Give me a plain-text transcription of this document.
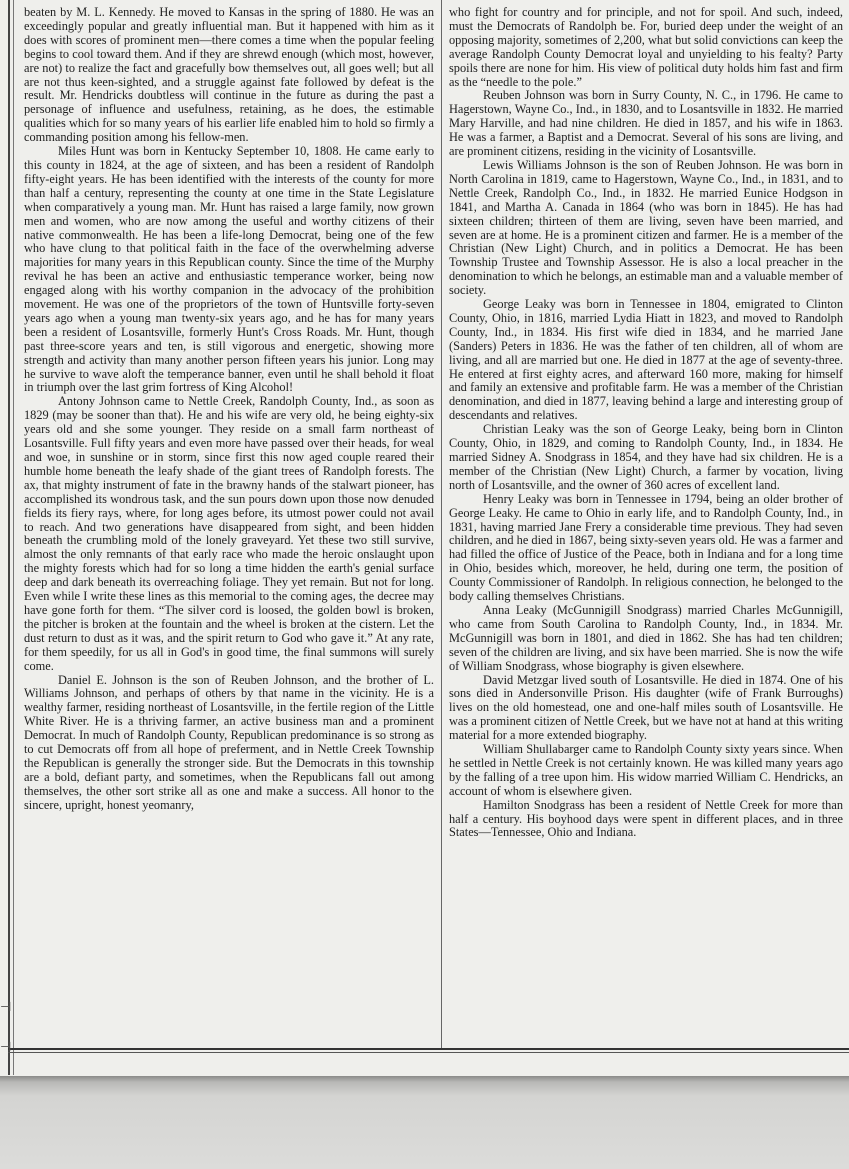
⊣
⊣

beaten by M. L. Kennedy. He moved to Kansas in the spring of 1880. He was an exceedingly popular and greatly influential man. But it happened with him as it does with scores of prominent men—there comes a time when the popular feeling begins to cool toward them. And if they are shrewd enough (which most, however, are not) to realize the fact and gracefully bow themselves out, all goes well; but all are not thus keen-sighted, and a struggle against fate followed by defeat is the result. Mr. Hendricks doubtless will continue in the future as during the past a personage of influence and usefulness, retaining, as he does, the estimable qualities which for so many years of his earlier life enabled him to hold so firmly a commanding position among his fellow-men.

Miles Hunt was born in Kentucky September 10, 1808. He came early to this county in 1824, at the age of sixteen, and has been a resident of Randolph fifty-eight years. He has been identified with the interests of the county for more than half a century, representing the county at one time in the State Legislature when comparatively a young man. Mr. Hunt has raised a large family, now grown men and women, who are now among the useful and worthy citizens of their native commonwealth. He has been a life-long Democrat, being one of the few who have clung to that political faith in the face of the overwhelming adverse majorities for many years in this Republican county. Since the time of the Murphy revival he has been an active and enthusiastic temperance worker, being now engaged along with his worthy companion in the advocacy of the prohibition movement. He was one of the proprietors of the town of Huntsville forty-seven years ago when a young man twenty-six years ago, and he has for many years been a resident of Losantsville, formerly Hunt's Cross Roads. Mr. Hunt, though past three-score years and ten, is still vigorous and energetic, showing more strength and activity than many another person fifteen years his junior. Long may he survive to wave aloft the temperance banner, even until he shall behold it float in triumph over the last grim fortress of King Alcohol!

Antony Johnson came to Nettle Creek, Randolph County, Ind., as soon as 1829 (may be sooner than that). He and his wife are very old, he being eighty-six years old and she some younger. They reside on a small farm northeast of Losantsville. Full fifty years and even more have passed over their heads, for weal and woe, in sunshine or in storm, since first this now aged couple reared their humble home beneath the leafy shade of the giant trees of Randolph forests. The ax, that mighty instrument of fate in the brawny hands of the stalwart pioneer, has accomplished its wondrous task, and the sun pours down upon those now denuded fields its fiery rays, where, for long ages before, its utmost power could not avail to reach. And two generations have disappeared from sight, and been hidden beneath the crumbling mold of the lonely graveyard. Yet these two still survive, almost the only remnants of that early race who made the heroic onslaught upon the mighty forests which had for so long a time hidden the earth's genial surface deep and dark beneath its overreaching foliage. They yet remain. But not for long. Even while I write these lines as this memorial to the coming ages, the decree may have gone forth for them. “The silver cord is loosed, the golden bowl is broken, the pitcher is broken at the fountain and the wheel is broken at the cistern. Let the dust return to dust as it was, and the spirit return to God who gave it.” At any rate, for them speedily, for us all in God's in good time, the final summons will surely come.

Daniel E. Johnson is the son of Reuben Johnson, and the brother of L. Williams Johnson, and perhaps of others by that name in the vicinity. He is a wealthy farmer, residing northeast of Losantsville, in the fertile region of the Little White River. He is a thriving farmer, an active business man and a prominent Democrat. In much of Randolph County, Republican predominance is so strong as to cut Democrats off from all hope of preferment, and in Nettle Creek Township the Republican is generally the stronger side. But the Democrats in this township are a bold, defiant party, and sometimes, when the Republicans fall out among themselves, the other sort strike all as one and make a success. All honor to the sincere, upright, honest yeomanry,

who fight for country and for principle, and not for spoil. And such, indeed, must the Democrats of Randolph be. For, buried deep under the weight of an opposing majority, sometimes of 2,200, what but solid convictions can keep the average Randolph County Democrat loyal and unyielding to his fealty? Party spoils there are none for him. His view of political duty holds him fast and firm as the “needle to the pole.”

Reuben Johnson was born in Surry County, N. C., in 1796. He came to Hagerstown, Wayne Co., Ind., in 1830, and to Losantsville in 1832. He married Mary Harville, and had nine children. He died in 1857, and his wife in 1863. He was a farmer, a Baptist and a Democrat. Several of his sons are living, and are prominent citizens, residing in the vicinity of Losantsville.

Lewis Williams Johnson is the son of Reuben Johnson. He was born in North Carolina in 1819, came to Hagerstown, Wayne Co., Ind., in 1831, and to Nettle Creek, Randolph Co., Ind., in 1832. He married Eunice Hodgson in 1841, and Martha A. Canada in 1864 (who was born in 1845). He has had sixteen children; thirteen of them are living, seven have been married, and seven are at home. He is a prominent citizen and farmer. He is a member of the Christian (New Light) Church, and in politics a Democrat. He has been Township Trustee and Township Assessor. He is also a local preacher in the denomination to which he belongs, an estimable man and a valuable member of society.

George Leaky was born in Tennessee in 1804, emigrated to Clinton County, Ohio, in 1816, married Lydia Hiatt in 1823, and moved to Randolph County, Ind., in 1834. His first wife died in 1834, and he married Jane (Sanders) Peters in 1836. He was the father of ten children, all of whom are living, and all are married but one. He died in 1877 at the age of seventy-three. He entered at first eighty acres, and afterward 160 more, making for himself and family an extensive and profitable farm. He was a member of the Christian denomination, and died in 1877, leaving behind a large and interesting group of descendants and relatives.

Christian Leaky was the son of George Leaky, being born in Clinton County, Ohio, in 1829, and coming to Randolph County, Ind., in 1834. He married Sidney A. Snodgrass in 1854, and they have had six children. He is a member of the Christian (New Light) Church, a farmer by vocation, living north of Losantsville, and the owner of 360 acres of excellent land.

Henry Leaky was born in Tennessee in 1794, being an older brother of George Leaky. He came to Ohio in early life, and to Randolph County, Ind., in 1831, having married Jane Frery a considerable time previous. They had seven children, and he died in 1867, being sixty-seven years old. He was a farmer and had filled the office of Justice of the Peace, both in Indiana and for a long time in Ohio, besides which, moreover, he held, during one term, the position of County Commissioner of Randolph. In religious connection, he belonged to the body calling themselves Christians.

Anna Leaky (McGunnigill Snodgrass) married Charles McGunnigill, who came from South Carolina to Randolph County, Ind., in 1834. Mr. McGunnigill was born in 1801, and died in 1862. She has had ten children; seven of the children are living, and six have been married. She is now the wife of William Snodgrass, whose biography is given elsewhere.

David Metzgar lived south of Losantsville. He died in 1874. One of his sons died in Andersonville Prison. His daughter (wife of Frank Burroughs) lives on the old homestead, one and one-half miles south of Losantsville. He was a prominent citizen of Nettle Creek, but we have not at hand at this writing material for a more extended biography.

William Shullabarger came to Randolph County sixty years since. When he settled in Nettle Creek is not certainly known. He was killed many years ago by the falling of a tree upon him. His widow married William C. Hendricks, an account of whom is elsewhere given.

Hamilton Snodgrass has been a resident of Nettle Creek for more than half a century. His boyhood days were spent in different places, and in three States—Tennessee, Ohio and Indiana.
